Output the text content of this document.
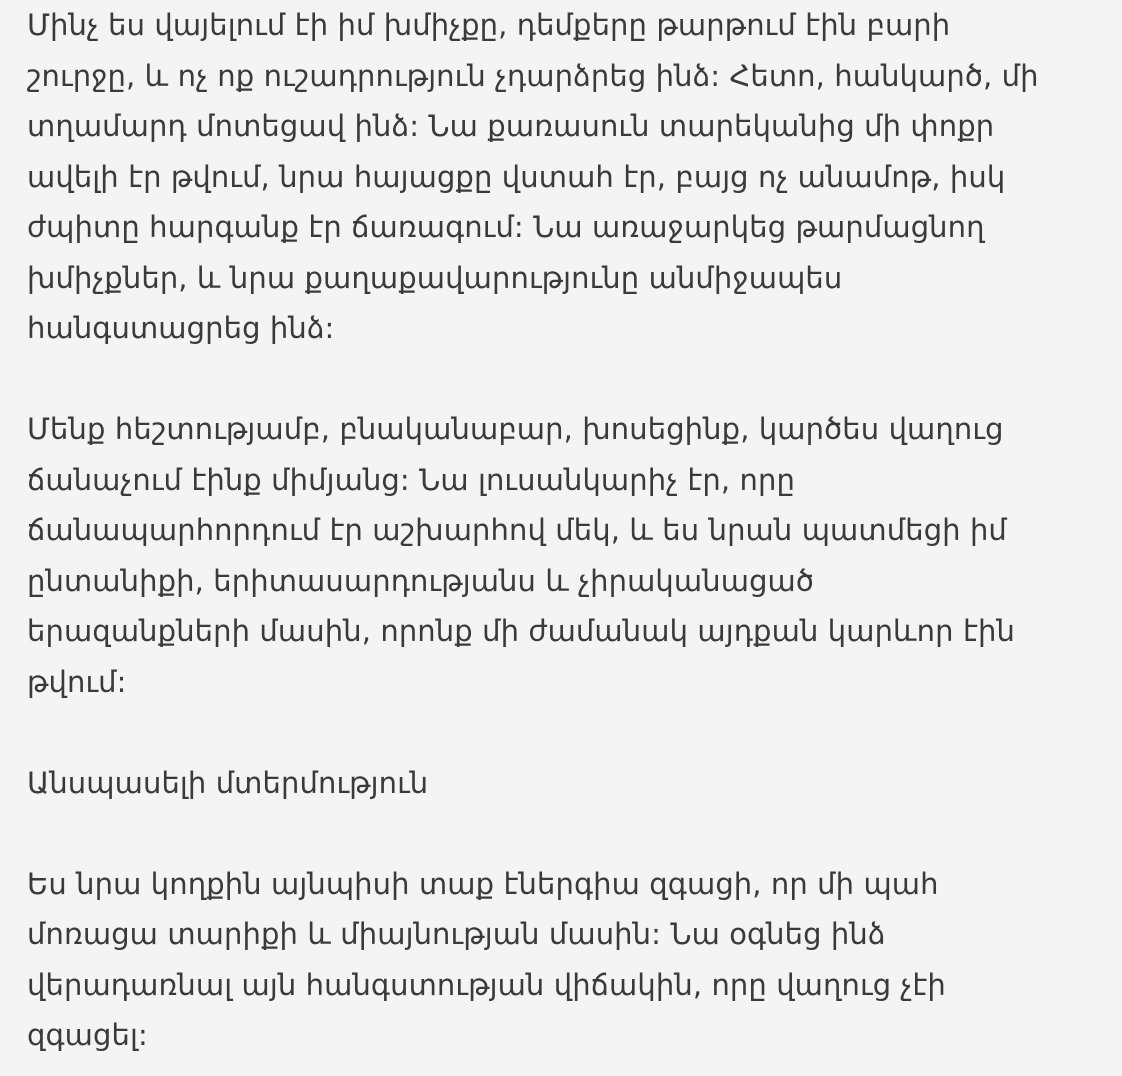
Մինչ ես վայելում էի իմ խմիչքը, դեմքերը թարթում էին բարի
շուրջը, և ոչ ոք ուշադրություն չդարձրեց ինձ: Հետո, հանկարծ, մի
տղամարդ մոտեցավ ինձ: Նա քառասուն տարեկանից մի փոքր
ավելի էր թվում, նրա հայացքը վստահ էր, բայց ոչ անամոթ, իսկ
ժպիտը հարգանք էր ճառագում: Նա առաջարկեց թարմացնող
խմիչքներ, և նրա քաղաքավարությունը անմիջապես
հանգստացրեց ինձ:

Մենք հեշտությամբ, բնականաբար, խոսեցինք, կարծես վաղուց
ճանաչում էինք միմյանց: Նա լուսանկարիչ էր, որը
ճանապարհորդում էր աշխարհով մեկ, և ես նրան պատմեցի իմ
ընտանիքի, երիտասարդությանս և չիրականացած
երազանքների մասին, որոնք մի ժամանակ այդքան կարևոր էին
թվում:

Անսպասելի մտերմություն

Ես նրա կողքին այնպիսի տաք էներգիա զգացի, որ մի պահ
մոռացա տարիքի և միայնության մասին: Նա օգնեց ինձ
վերադառնալ այն հանգստության վիճակին, որը վաղուց չէի
զգացել:
